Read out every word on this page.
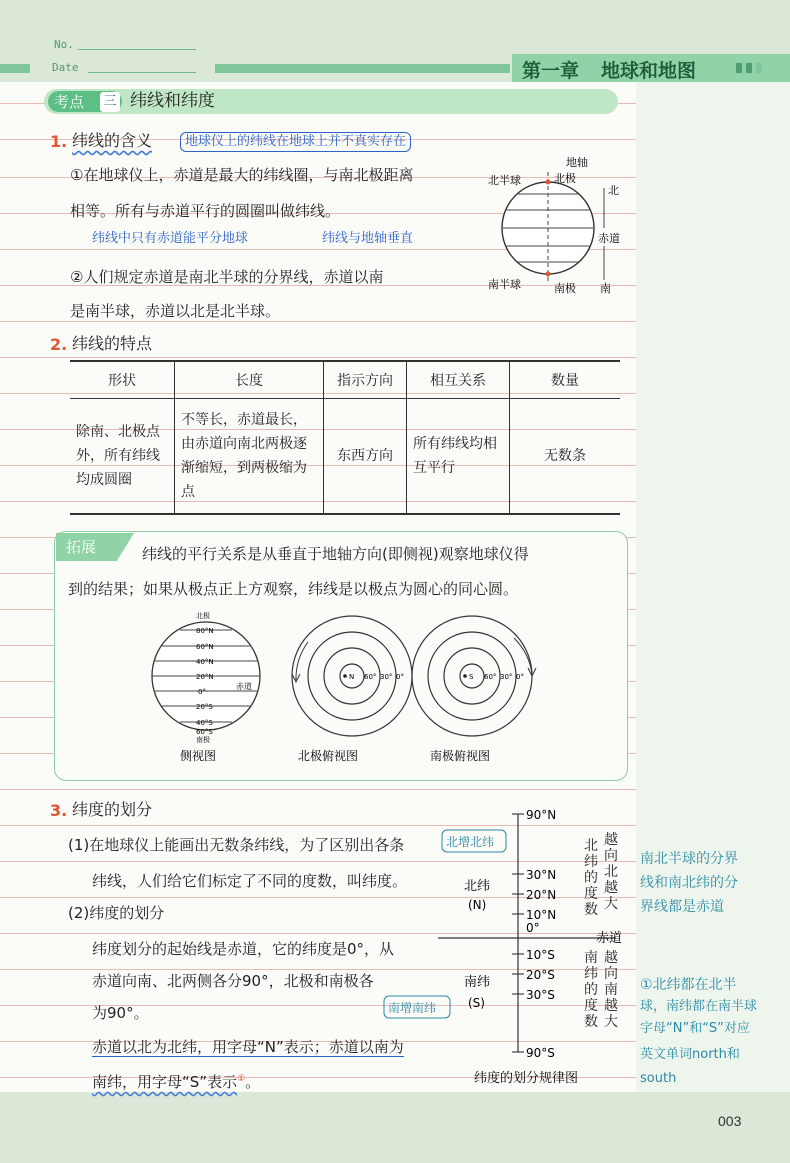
No.
Date	第一章 地球和地图
考点 三 纬线和纬度
1. 纬线的含义	地球仪上的纬线在地球上并不真实存在
①在地球仪上，赤道是最大的纬线圈，与南北极距离
相等。所有与赤道平行的圆圈叫做纬线。
纬线中只有赤道能平分地球	纬线与地轴垂直
②人们规定赤道是南北半球的分界线，赤道以南
是南半球，赤道以北是北半球。
地轴
北极
北半球
南半球	南极
北
赤道
南
2. 纬线的特点
形状	长度	指示方向	相互关系	数量
除南、北极点外，所有纬线均成圆圈	不等长，赤道最长，由赤道向南北两极逐渐缩短，到两极缩为点	东西方向	所有纬线均相互平行	无数条
拓展	纬线的平行关系是从垂直于地轴方向(即侧视)观察地球仪得
到的结果；如果从极点正上方观察，纬线是以极点为圆心的同心圆。
北极
80°N
60°N
40°N
20°N
0°
20°S
40°S
60°S
南极
赤道
侧视图
N 60° 30° 0°
北极俯视图
S 60° 30° 0°
南极俯视图
3. 纬度的划分
(1)在地球仪上能画出无数条纬线，为了区别出各条
纬线，人们给它们标定了不同的度数，叫纬度。
(2)纬度的划分
纬度划分的起始线是赤道，它的纬度是0°，从
赤道向南、北两侧各分90°，北极和南极各
为90°。
赤道以北为北纬，用字母“N”表示；赤道以南为
南纬，用字母“S”表示①。
90°N
30°N
20°N
10°N
0°
10°S
20°S
30°S
90°S
北增北纬
北纬
(N)
南纬
(S)
南增南纬
赤道
纬度的划分规律图
北纬的度数
越向北越大
南纬的度数
越向南越大
南北半球的分界
线和南北纬的分
界线都是赤道
①北纬都在北半
球，南纬都在南半球
字母“N”和“S”对应
英文单词north和
south
003
